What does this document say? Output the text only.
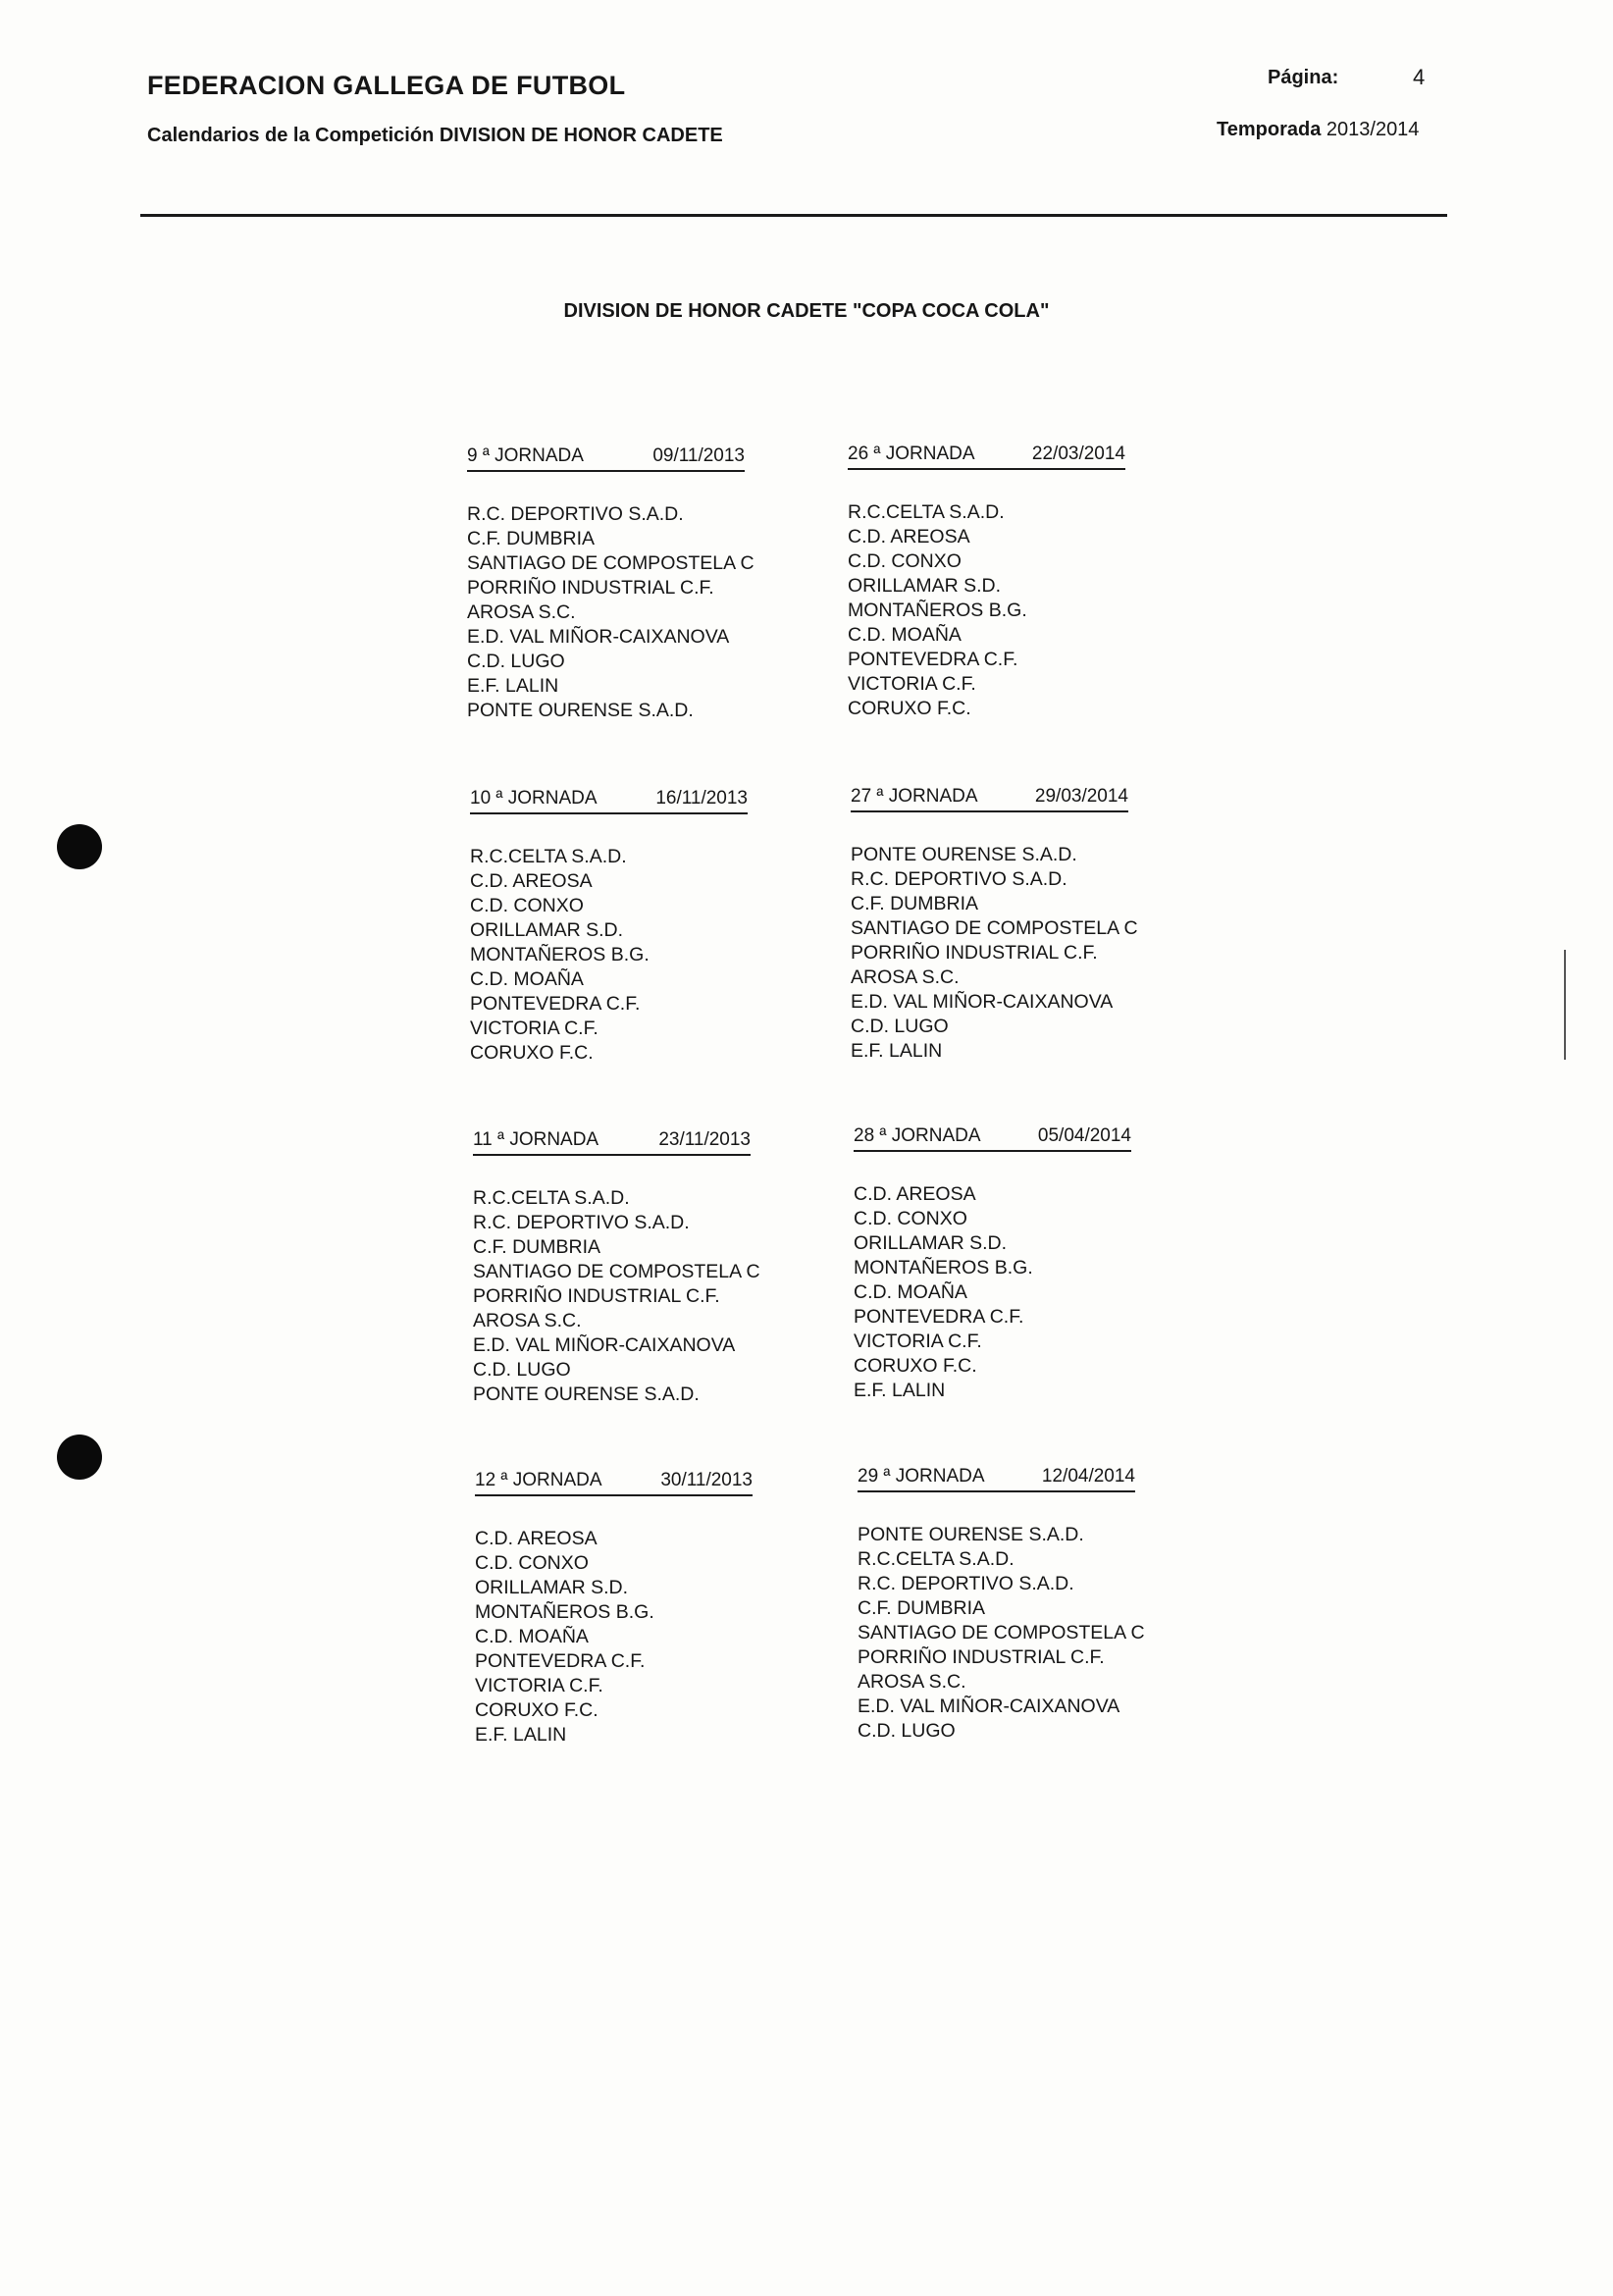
FEDERACION GALLEGA DE FUTBOL	Página:	4
Calendarios de la Competición DIVISION DE HONOR CADETE	Temporada 2013/2014
DIVISION DE HONOR CADETE "COPA COCA COLA"
9 ª JORNADA	09/11/2013
R.C. DEPORTIVO S.A.D.
C.F. DUMBRIA
SANTIAGO DE COMPOSTELA C
PORRIÑO INDUSTRIAL C.F.
AROSA S.C.
E.D. VAL MIÑOR-CAIXANOVA
C.D. LUGO
E.F. LALIN
PONTE OURENSE S.A.D.
26 ª JORNADA	22/03/2014
R.C.CELTA S.A.D.
C.D. AREOSA
C.D. CONXO
ORILLAMAR S.D.
MONTAÑEROS B.G.
C.D. MOAÑA
PONTEVEDRA C.F.
VICTORIA C.F.
CORUXO F.C.
10 ª JORNADA	16/11/2013
R.C.CELTA S.A.D.
C.D. AREOSA
C.D. CONXO
ORILLAMAR S.D.
MONTAÑEROS B.G.
C.D. MOAÑA
PONTEVEDRA C.F.
VICTORIA C.F.
CORUXO F.C.
27 ª JORNADA	29/03/2014
PONTE OURENSE S.A.D.
R.C. DEPORTIVO S.A.D.
C.F. DUMBRIA
SANTIAGO DE COMPOSTELA C
PORRIÑO INDUSTRIAL C.F.
AROSA S.C.
E.D. VAL MIÑOR-CAIXANOVA
C.D. LUGO
E.F. LALIN
11 ª JORNADA	23/11/2013
R.C.CELTA S.A.D.
R.C. DEPORTIVO S.A.D.
C.F. DUMBRIA
SANTIAGO DE COMPOSTELA C
PORRIÑO INDUSTRIAL C.F.
AROSA S.C.
E.D. VAL MIÑOR-CAIXANOVA
C.D. LUGO
PONTE OURENSE S.A.D.
28 ª JORNADA	05/04/2014
C.D. AREOSA
C.D. CONXO
ORILLAMAR S.D.
MONTAÑEROS B.G.
C.D. MOAÑA
PONTEVEDRA C.F.
VICTORIA C.F.
CORUXO F.C.
E.F. LALIN
12 ª JORNADA	30/11/2013
C.D. AREOSA
C.D. CONXO
ORILLAMAR S.D.
MONTAÑEROS B.G.
C.D. MOAÑA
PONTEVEDRA C.F.
VICTORIA C.F.
CORUXO F.C.
E.F. LALIN
29 ª JORNADA	12/04/2014
PONTE OURENSE S.A.D.
R.C.CELTA S.A.D.
R.C. DEPORTIVO S.A.D.
C.F. DUMBRIA
SANTIAGO DE COMPOSTELA C
PORRIÑO INDUSTRIAL C.F.
AROSA S.C.
E.D. VAL MIÑOR-CAIXANOVA
C.D. LUGO
